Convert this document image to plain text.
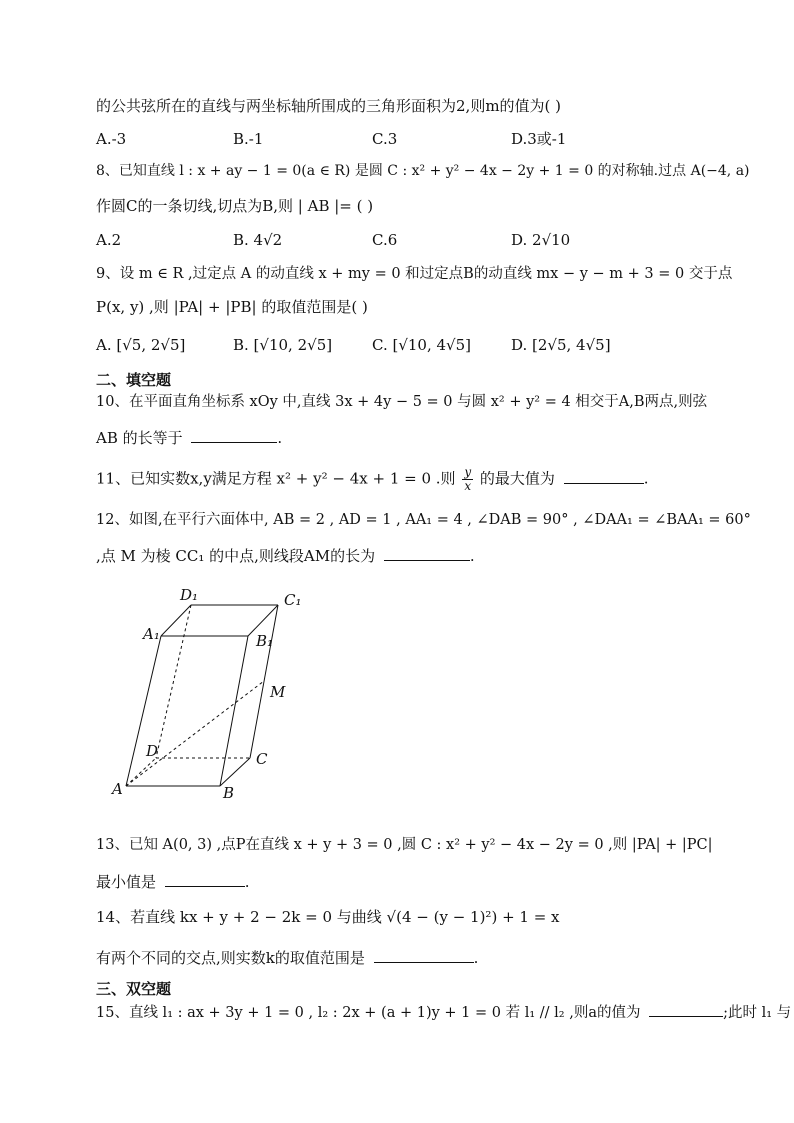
的公共弦所在的直线与两坐标轴所围成的三角形面积为2,则m的值为( )
A.-3	B.-1	C.3	D.3或-1
8、已知直线 l : x + ay − 1 = 0(a ∈ R) 是圆 C : x² + y² − 4x − 2y + 1 = 0 的对称轴.过点 A(−4, a)
作圆C的一条切线,切点为B,则 | AB |= ( )
A.2	B. 4√2	C.6	D. 2√10
9、设 m ∈ R ,过定点 A 的动直线 x + my = 0 和过定点B的动直线 mx − y − m + 3 = 0 交于点
P(x, y) ,则 |PA| + |PB| 的取值范围是( )
A. [√5, 2√5]	B. [√10, 2√5]	C. [√10, 4√5]	D. [2√5, 4√5]
二、填空题
10、在平面直角坐标系 xOy 中,直线 3x + 4y − 5 = 0 与圆 x² + y² = 4 相交于A,B两点,则弦
AB 的长等于	.
11、已知实数x,y满足方程 x² + y² − 4x + 1 = 0 .则 $\frac{y}{x}$ 的最大值为	.
12、如图,在平行六面体中, AB = 2 , AD = 1 , AA₁ = 4 , ∠DAB = 90° , ∠DAA₁ = ∠BAA₁ = 60°
,点 M 为棱 CC₁ 的中点,则线段AM的长为	.
D₁	C₁
A₁	B₁
M
D	C
A	B
13、已知 A(0, 3) ,点P在直线 x + y + 3 = 0 ,圆 C : x² + y² − 4x − 2y = 0 ,则 |PA| + |PC|
最小值是	.
14、若直线 kx + y + 2 − 2k = 0 与曲线 √(4 − (y − 1)²) + 1 = x
有两个不同的交点,则实数k的取值范围是	.
三、双空题
15、直线 l₁ : ax + 3y + 1 = 0 , l₂ : 2x + (a + 1)y + 1 = 0 若 l₁ // l₂ ,则a的值为	;此时 l₁ 与
